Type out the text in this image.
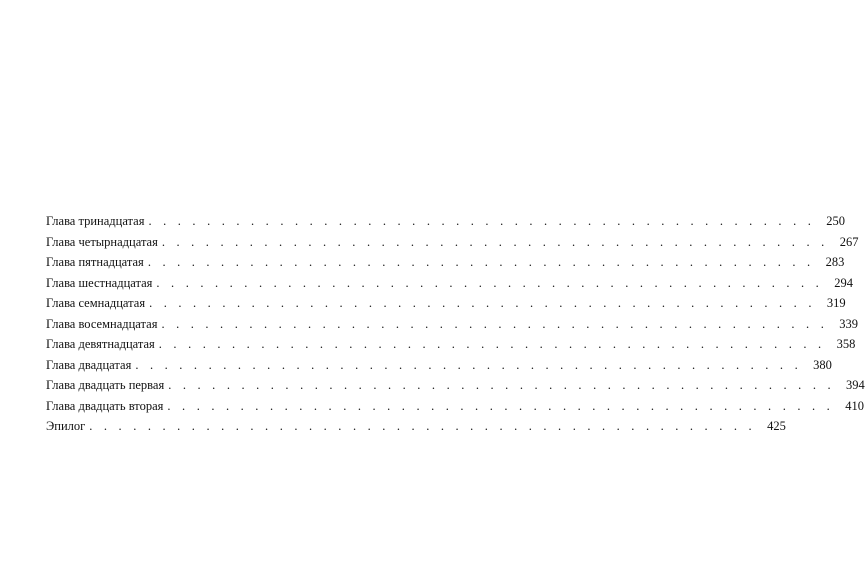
Глава тринадцатая . . . . . . . . . . . . . . . . . . . . . . . . . . . . . . . . . . . . . . . . . . . . . . 250
Глава четырнадцатая . . . . . . . . . . . . . . . . . . . . . . . . . . . . . . . . . . . . . . . . . . . . . . 267
Глава пятнадцатая . . . . . . . . . . . . . . . . . . . . . . . . . . . . . . . . . . . . . . . . . . . . . . 283
Глава шестнадцатая . . . . . . . . . . . . . . . . . . . . . . . . . . . . . . . . . . . . . . . . . . . . . . 294
Глава семнадцатая . . . . . . . . . . . . . . . . . . . . . . . . . . . . . . . . . . . . . . . . . . . . . . 319
Глава восемнадцатая . . . . . . . . . . . . . . . . . . . . . . . . . . . . . . . . . . . . . . . . . . . . . . 339
Глава девятнадцатая . . . . . . . . . . . . . . . . . . . . . . . . . . . . . . . . . . . . . . . . . . . . . . 358
Глава двадцатая . . . . . . . . . . . . . . . . . . . . . . . . . . . . . . . . . . . . . . . . . . . . . . 380
Глава двадцать первая . . . . . . . . . . . . . . . . . . . . . . . . . . . . . . . . . . . . . . . . . . . . . . 394
Глава двадцать вторая . . . . . . . . . . . . . . . . . . . . . . . . . . . . . . . . . . . . . . . . . . . . . . 410
Эпилог . . . . . . . . . . . . . . . . . . . . . . . . . . . . . . . . . . . . . . . . . . . . . . 425
